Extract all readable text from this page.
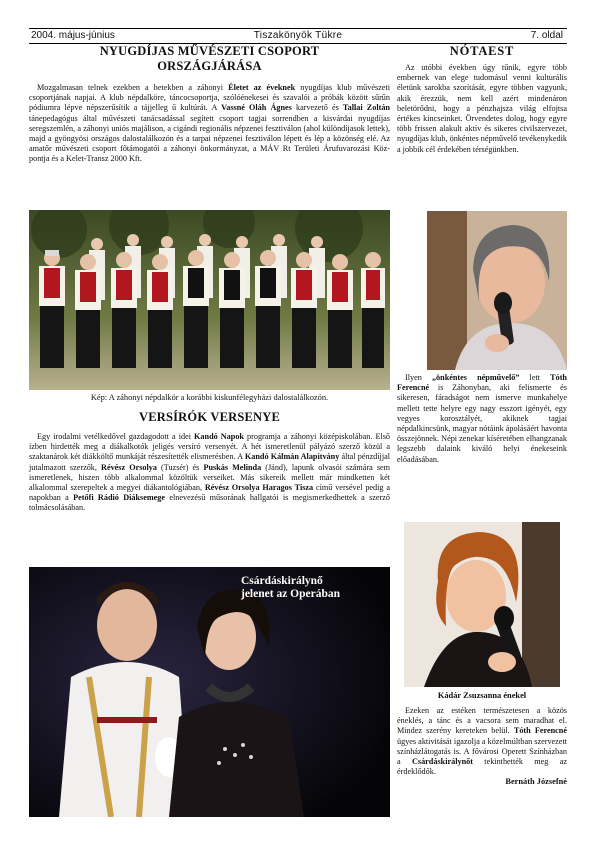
2004. május-június	Tiszakönyök Tükre	7. oldal
NYUGDÍJAS MŰVÉSZETI CSOPORT
ORSZÁGJÁRÁSA

Mozgalmasan telnek ezekben a hetekben a záhonyi Életet az éveknek nyugdíjas klub művészeti csoportjának napjai. A klub népdalköre, táncocsoportja, szólóénekesei és szavalói a próbák között sűrűn pódiumra lépve népszerűsítik a tájjelleg ű kultúrát. A Vassné Oláh Ágnes karvezető és Tallai Zoltán tánepedagógus által művészeti tanácsadással segített csoport tagjai sorrendben a kisvárdai nyugdíjas seregszemlén, a záhonyi uniós majálison, a cigándi regionális népzenei fesztiválon (ahol különdíjasok lettek), majd a gyöngyösi országos dalostalálkozón és a tarpai népzenei fesztiválon lépett és lép a közönség elé. Az amatőr művészeti csoport főtámogatói a záhonyi önkormányzat, a MÁV Rt Területi Árufuvarozási Köz-pontja és a Kelet-Transz 2000 Kft.

Kép: A záhonyi népdalkör a korábbi kiskunfélegyházi dalostalálkozón.
VERSÍRÓK VERSENYE

Egy irodalmi vetélkedővel gazdagodott a idei Kandó Napok programja a záhonyi középiskolában. Első ízben hirdették meg a diákalkotók jeligés versíró versenyét. A hét ismeretlenül pályázó szerző közül a szaktanárok két diákköltő munkáját részesítették elismerésben. A Kandó Kálmán Alapítvány által pénzdíjjal jutalmazott szerzők, Révész Orsolya (Tuzsér) és Puskás Melinda (Jánd), lapunk olvasói számára sem ismeretlenek, hiszen több alkalommal közöltük verseiket. Más sikereik mellett már mindketten két alkalommal szerepeltek a megyei diákantológiában, Révész Orsolya Haragos Tisza című versével pedig a napokban a Petőfi Rádió Diáksemege elnevezésű műsorának hallgatói is megismerkedhettek a szerző tolmácsolásában.

Csárdáskirálynő
jelenet az Operában
NÓTAEST

Az utóbbi években úgy tűnik, egyre több embernek van elege tudomásul venni kulturális életünk sarokba szorítását, egyre többen vagyunk, akik érezzük, nem kell azért mindenáron beletörődni, hogy a pénzhajsza világ elfojtsa értékes kincseinket. Örvendetes dolog, hogy egyre több frissen alakult aktív és sikeres civilszervezet, nyugdíjas klub, önkéntes népművelő tevékenykedik a jobbik cél érdekében térségünkben.

Ilyen „önkéntes népművelő” lett Tóth Ferencné is Záhonyban, aki felismerte és sikeresen, fáradságot nem ismerve munkahelye mellett tette helyre egy nagy esszort igényét, egy vegyes korosztályét, akiknek tagjai népdalkincsünk, magyar nótáink ápolásáért havonta összejönnek. Népi zenekar kíséretében elhangzanak legszebb dalaink kiváló helyi énekeseink előadásában.

Kádár Zsuzsanna énekel

Ezeken az estéken természetesen a közös éneklés, a tánc és a vacsora sem maradhat el. Mindez szerény kereteken belül. Tóth Ferencné ügyes aktivitását igazolja a közelmúltban szervezett színházlátogatás is. A fővárosi Operett Színházban a Csárdáskirálynőt tekinthették meg az érdeklődők.

Bernáth Józsefné
